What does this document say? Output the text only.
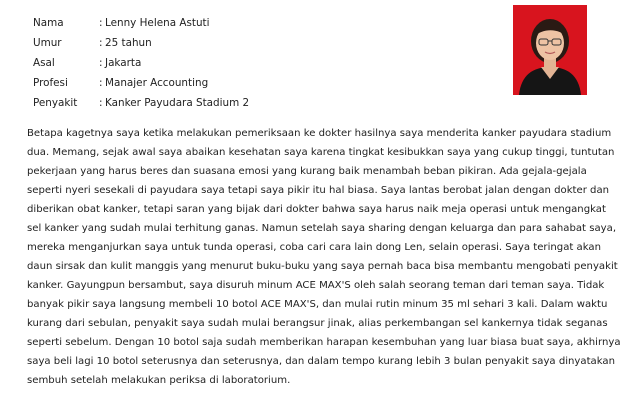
Nama	: Lenny Helena Astuti
Umur	: 25 tahun
Asal	: Jakarta
Profesi	: Manajer Accounting
Penyakit	: Kanker Payudara Stadium 2
Betapa kagetnya saya ketika melakukan pemeriksaan ke dokter hasilnya saya menderita kanker payudara stadium
dua. Memang, sejak awal saya abaikan kesehatan saya karena tingkat kesibukkan saya yang cukup tinggi, tuntutan
pekerjaan yang harus beres dan suasana emosi yang kurang baik menambah beban pikiran. Ada gejala-gejala
seperti nyeri sesekali di payudara saya tetapi saya pikir itu hal biasa. Saya lantas berobat jalan dengan dokter dan
diberikan obat kanker, tetapi saran yang bijak dari dokter bahwa saya harus naik meja operasi untuk mengangkat
sel kanker yang sudah mulai terhitung ganas. Namun setelah saya sharing dengan keluarga dan para sahabat saya,
mereka menganjurkan saya untuk tunda operasi, coba cari cara lain dong Len, selain operasi. Saya teringat akan
daun sirsak dan kulit manggis yang menurut buku-buku yang saya pernah baca bisa membantu mengobati penyakit
kanker. Gayungpun bersambut, saya disuruh minum ACE MAX'S oleh salah seorang teman dari teman saya. Tidak
banyak pikir saya langsung membeli 10 botol ACE MAX'S, dan mulai rutin minum 35 ml sehari 3 kali. Dalam waktu
kurang dari sebulan, penyakit saya sudah mulai berangsur jinak, alias perkembangan sel kankernya tidak seganas
seperti sebelum. Dengan 10 botol saja sudah memberikan harapan kesembuhan yang luar biasa buat saya, akhirnya
saya beli lagi 10 botol seterusnya dan seterusnya, dan dalam tempo kurang lebih 3 bulan penyakit saya dinyatakan
sembuh setelah melakukan periksa di laboratorium.
